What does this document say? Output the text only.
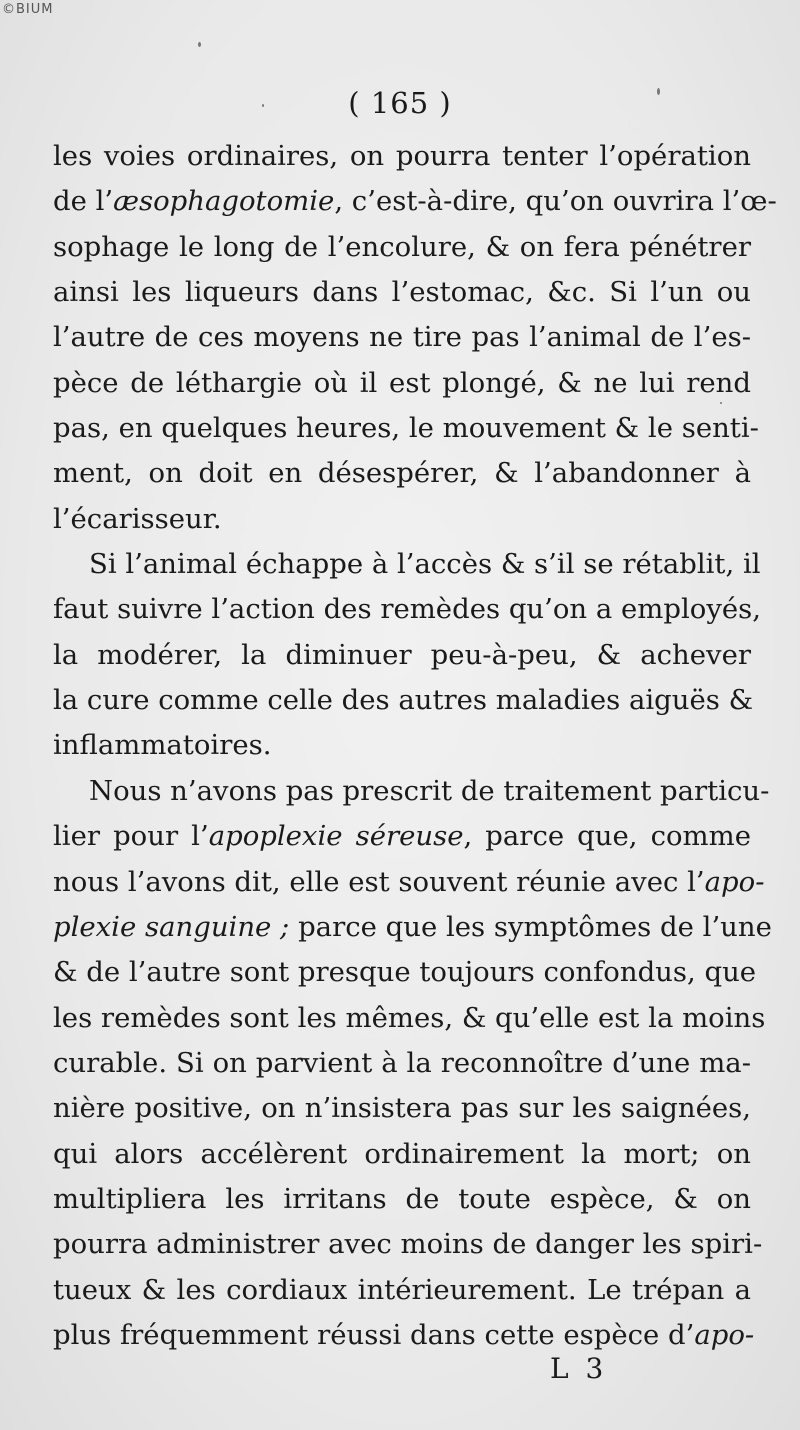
©BIUM
( 165 )
les voies ordinaires, on pourra tenter l’opération
de l’æsophagotomie, c’est-à-dire, qu’on ouvrira l’œ-
sophage le long de l’encolure, & on fera pénétrer
ainsi les liqueurs dans l’estomac, &c. Si l’un ou
l’autre de ces moyens ne tire pas l’animal de l’es-
pèce de léthargie où il est plongé, & ne lui rend
pas, en quelques heures, le mouvement & le senti-
ment, on doit en désespérer, & l’abandonner à
l’écarisseur.
Si l’animal échappe à l’accès & s’il se rétablit, il
faut suivre l’action des remèdes qu’on a employés,
la modérer, la diminuer peu-à-peu, & achever
la cure comme celle des autres maladies aiguës &
inflammatoires.
Nous n’avons pas prescrit de traitement particu-
lier pour l’apoplexie séreuse, parce que, comme
nous l’avons dit, elle est souvent réunie avec l’apo-
plexie sanguine ; parce que les symptômes de l’une
& de l’autre sont presque toujours confondus, que
les remèdes sont les mêmes, & qu’elle est la moins
curable. Si on parvient à la reconnoître d’une ma-
nière positive, on n’insistera pas sur les saignées,
qui alors accélèrent ordinairement la mort; on
multipliera les irritans de toute espèce, & on
pourra administrer avec moins de danger les spiri-
tueux & les cordiaux intérieurement. Le trépan a
plus fréquemment réussi dans cette espèce d’apo-
L 3
